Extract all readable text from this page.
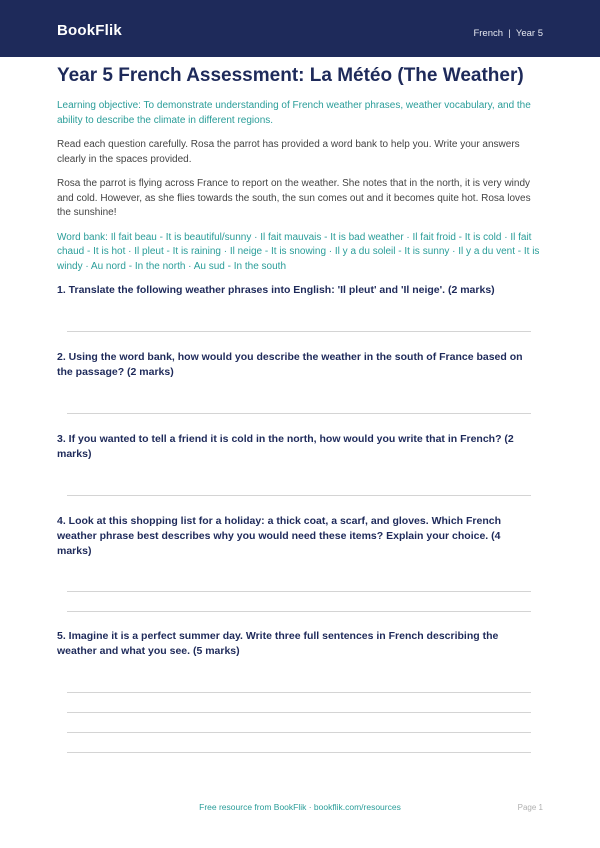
BookFlik	French  |  Year 5
Year 5 French Assessment: La Météo (The Weather)

Learning objective: To demonstrate understanding of French weather phrases, weather vocabulary, and the ability to describe the climate in different regions.

Read each question carefully. Rosa the parrot has provided a word bank to help you. Write your answers clearly in the spaces provided.

Rosa the parrot is flying across France to report on the weather. She notes that in the north, it is very windy and cold. However, as she flies towards the south, the sun comes out and it becomes quite hot. Rosa loves the sunshine!

Word bank: Il fait beau - It is beautiful/sunny · Il fait mauvais - It is bad weather · Il fait froid - It is cold · Il fait chaud - It is hot · Il pleut - It is raining · Il neige - It is snowing · Il y a du soleil - It is sunny · Il y a du vent - It is windy · Au nord - In the north · Au sud - In the south

1. Translate the following weather phrases into English: 'Il pleut' and 'Il neige'. (2 marks)
2. Using the word bank, how would you describe the weather in the south of France based on the passage? (2 marks)
3. If you wanted to tell a friend it is cold in the north, how would you write that in French? (2 marks)
4. Look at this shopping list for a holiday: a thick coat, a scarf, and gloves. Which French weather phrase best describes why you would need these items? Explain your choice. (4 marks)
5. Imagine it is a perfect summer day. Write three full sentences in French describing the weather and what you see. (5 marks)
Free resource from BookFlik · bookflik.com/resources	Page 1
